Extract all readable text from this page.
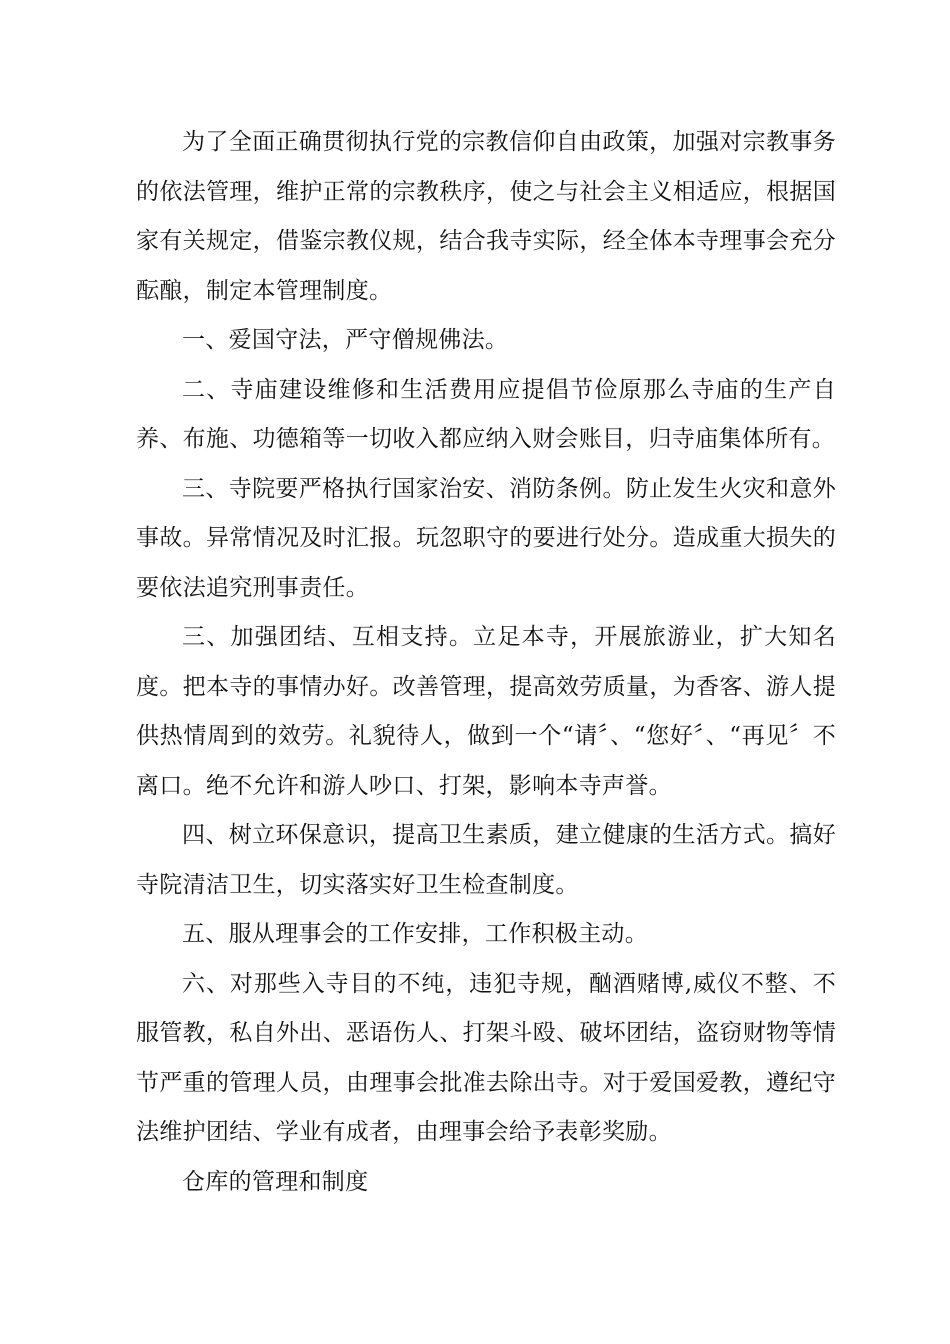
为了全面正确贯彻执行党的宗教信仰自由政策，加强对宗教事务的依法管理，维护正常的宗教秩序，使之与社会主义相适应，根据国家有关规定，借鉴宗教仪规，结合我寺实际，经全体本寺理事会充分酝酿，制定本管理制度。

一、爱国守法，严守僧规佛法。

二、寺庙建设维修和生活费用应提倡节俭原那么寺庙的生产自养、布施、功德箱等一切收入都应纳入财会账目，归寺庙集体所有。

三、寺院要严格执行国家治安、消防条例。防止发生火灾和意外事故。异常情况及时汇报。玩忽职守的要进行处分。造成重大损失的要依法追究刑事责任。

三、加强团结、互相支持。立足本寺，开展旅游业，扩大知名度。把本寺的事情办好。改善管理，提高效劳质量，为香客、游人提供热情周到的效劳。礼貌待人，做到一个“请〞、“您好〞、“再见〞不离口。绝不允许和游人吵口、打架，影响本寺声誉。

四、树立环保意识，提高卫生素质，建立健康的生活方式。搞好寺院清洁卫生，切实落实好卫生检查制度。

五、服从理事会的工作安排，工作积极主动。

六、对那些入寺目的不纯，违犯寺规，酗酒赌博,威仪不整、不服管教，私自外出、恶语伤人、打架斗殴、破坏团结，盗窃财物等情节严重的管理人员，由理事会批准去除出寺。对于爱国爱教，遵纪守法维护团结、学业有成者，由理事会给予表彰奖励。

仓库的管理和制度
